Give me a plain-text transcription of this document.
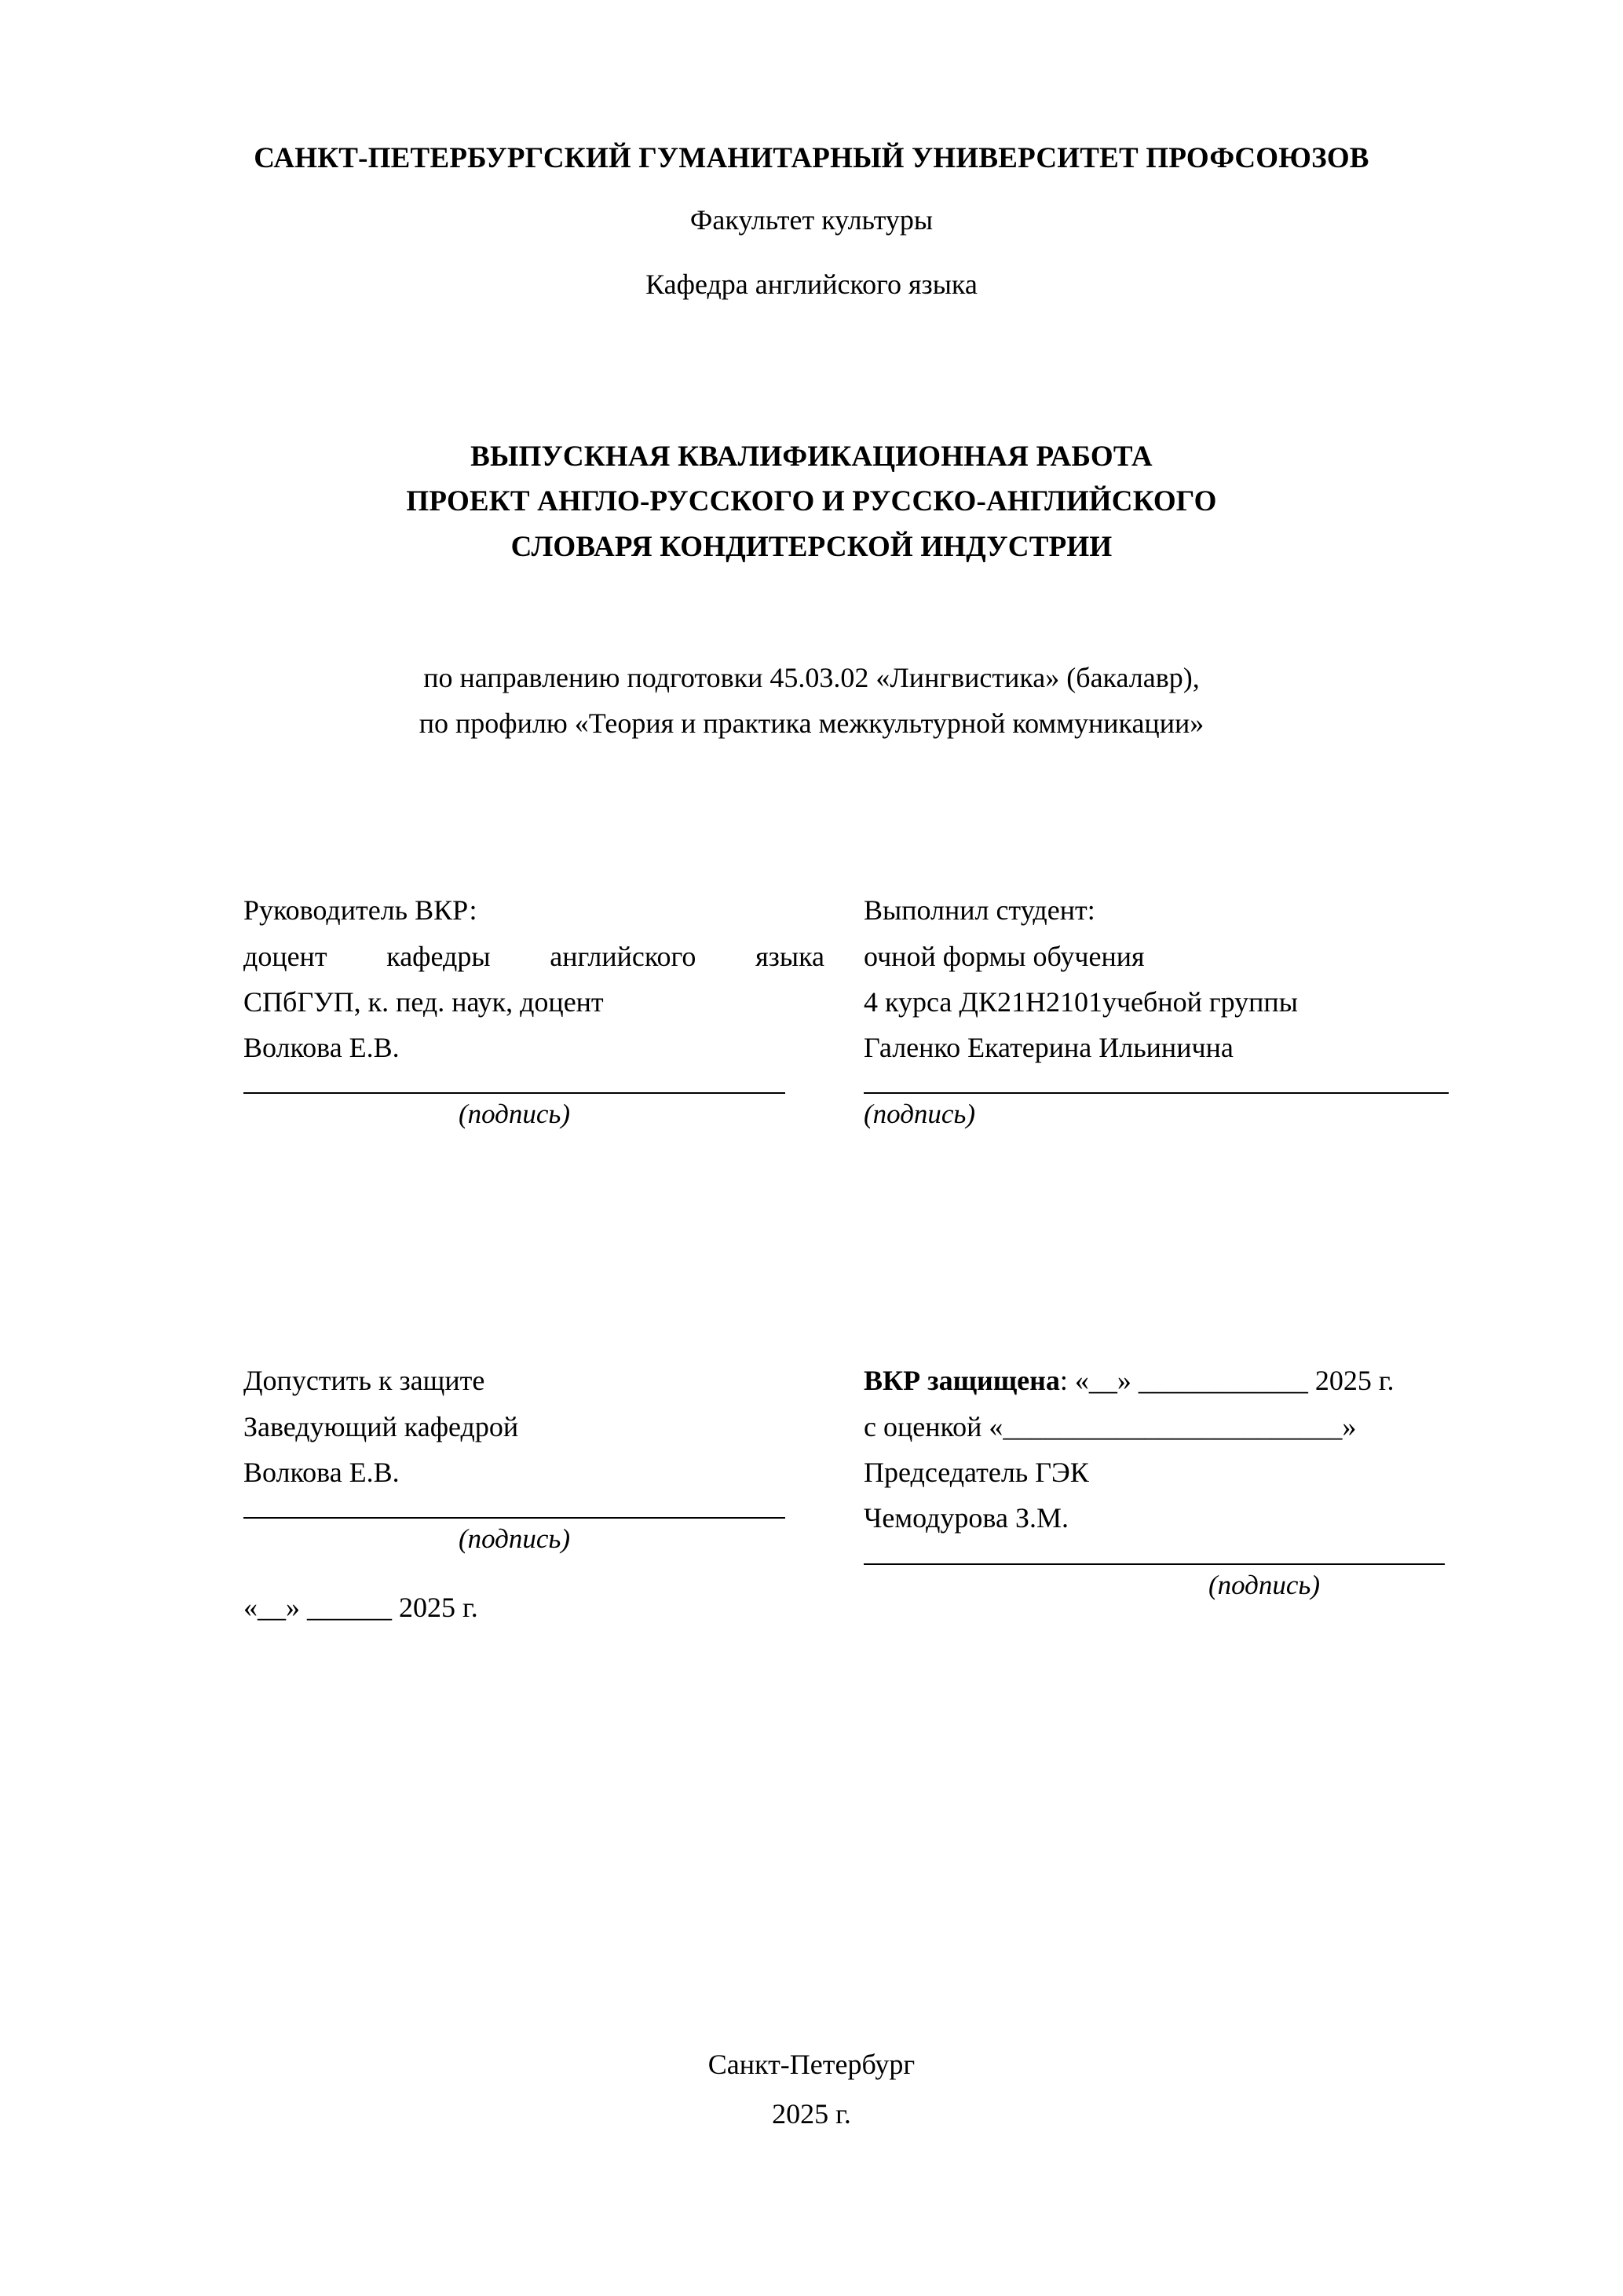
САНКТ-ПЕТЕРБУРГСКИЙ ГУМАНИТАРНЫЙ УНИВЕРСИТЕТ ПРОФСОЮЗОВ
Факультет культуры
Кафедра английского языка
ВЫПУСКНАЯ КВАЛИФИКАЦИОННАЯ РАБОТА
ПРОЕКТ АНГЛО-РУССКОГО И РУССКО-АНГЛИЙСКОГО
СЛОВАРЯ КОНДИТЕРСКОЙ ИНДУСТРИИ
по направлению подготовки 45.03.02 «Лингвистика» (бакалавр),
по профилю «Теория и практика межкультурной коммуникации»
Руководитель ВКР:
доцент кафедры английского языка
СПбГУП, к. пед. наук, доцент
Волкова Е.В.
(подпись)
Выполнил студент:
очной формы обучения
4 курса ДК21Н2101учебной группы
Галенко Екатерина Ильинична
(подпись)
Допустить к защите
Заведующий кафедрой
Волкова Е.В.
(подпись)
«__» ______ 2025 г.
ВКР защищена: «__» ____________ 2025 г.
с оценкой «________________________»
Председатель ГЭК
Чемодурова З.М.
(подпись)
Санкт-Петербург
2025 г.
